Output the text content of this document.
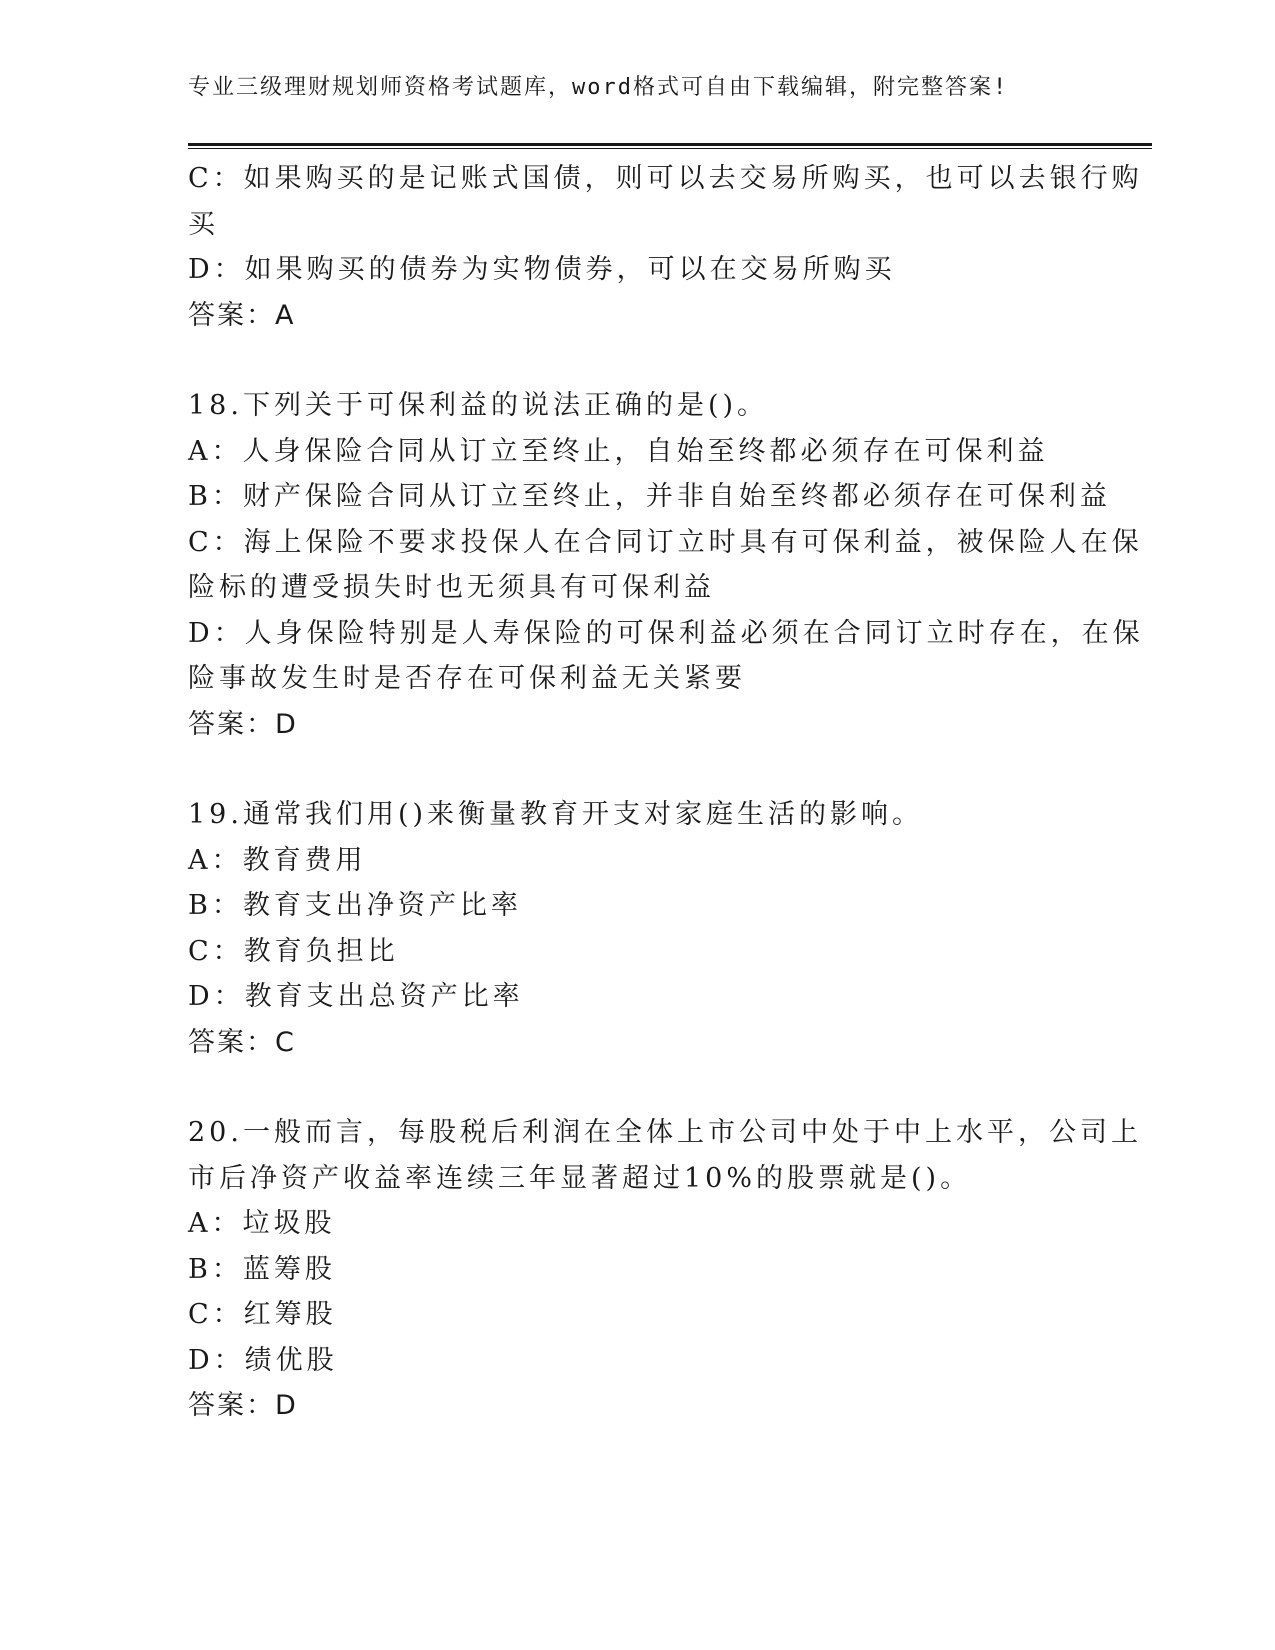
专业三级理财规划师资格考试题库，word格式可自由下载编辑，附完整答案!
C：如果购买的是记账式国债，则可以去交易所购买，也可以去银行购
买
D：如果购买的债券为实物债券，可以在交易所购买
答案：A
18.下列关于可保利益的说法正确的是()。
A：人身保险合同从订立至终止，自始至终都必须存在可保利益
B：财产保险合同从订立至终止，并非自始至终都必须存在可保利益
C：海上保险不要求投保人在合同订立时具有可保利益，被保险人在保
险标的遭受损失时也无须具有可保利益
D：人身保险特别是人寿保险的可保利益必须在合同订立时存在，在保
险事故发生时是否存在可保利益无关紧要
答案：D
19.通常我们用()来衡量教育开支对家庭生活的影响。
A：教育费用
B：教育支出净资产比率
C：教育负担比
D：教育支出总资产比率
答案：C
20.一般而言，每股税后利润在全体上市公司中处于中上水平，公司上
市后净资产收益率连续三年显著超过10%的股票就是()。
A：垃圾股
B：蓝筹股
C：红筹股
D：绩优股
答案：D
